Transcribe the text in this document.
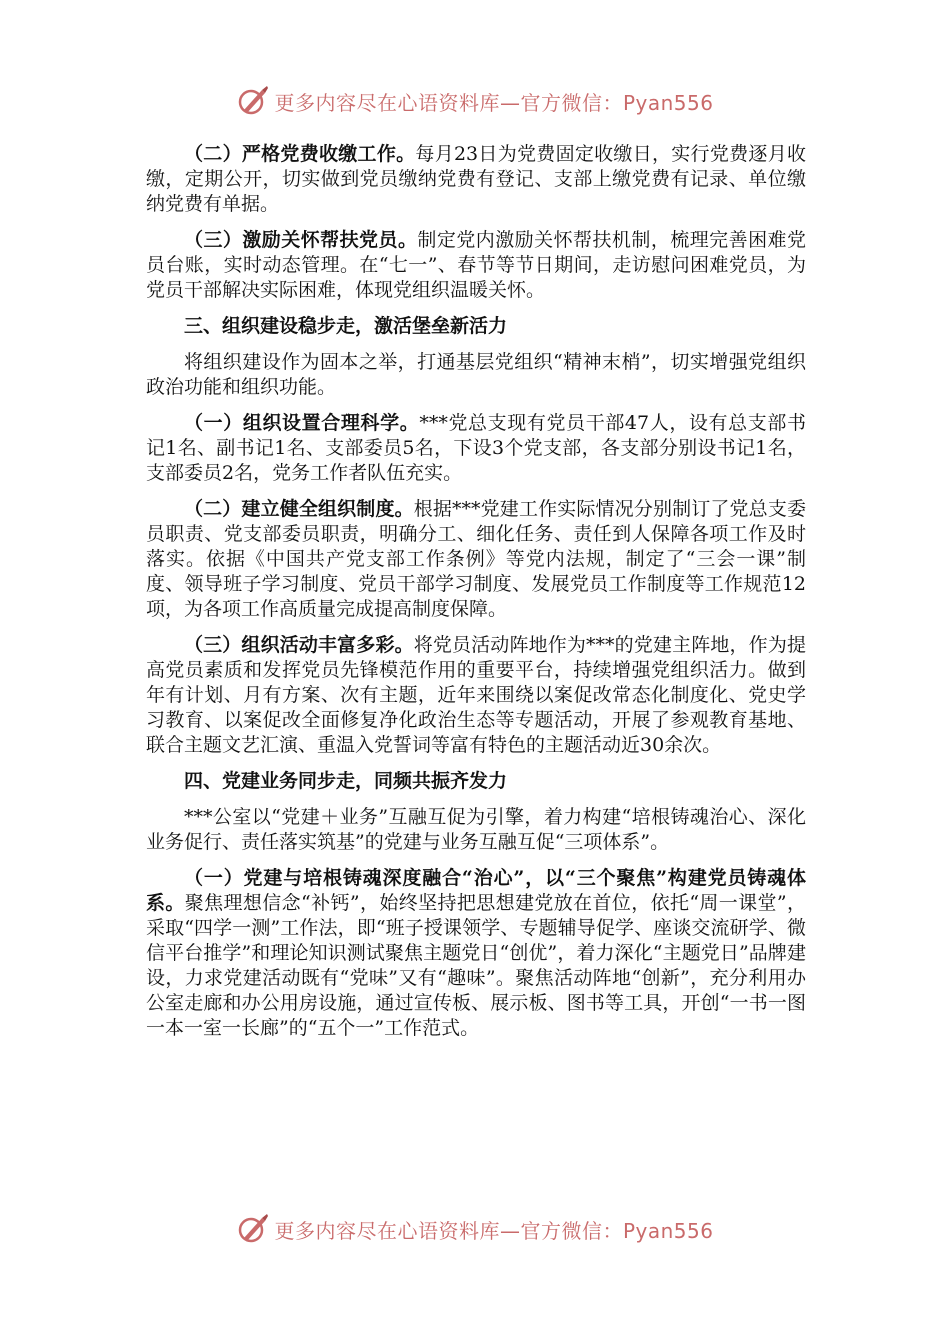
更多内容尽在心语资料库—官方微信：Pyan556

（二）严格党费收缴工作。每月23日为党费固定收缴日，实行党费逐月收缴，定期公开，切实做到党员缴纳党费有登记、支部上缴党费有记录、单位缴纳党费有单据。

（三）激励关怀帮扶党员。制定党内激励关怀帮扶机制，梳理完善困难党员台账，实时动态管理。在“七一”、春节等节日期间，走访慰问困难党员，为党员干部解决实际困难，体现党组织温暖关怀。

三、组织建设稳步走，激活堡垒新活力

将组织建设作为固本之举，打通基层党组织“精神末梢”，切实增强党组织政治功能和组织功能。

（一）组织设置合理科学。***党总支现有党员干部47人，设有总支部书记1名、副书记1名、支部委员5名，下设3个党支部，各支部分别设书记1名，支部委员2名，党务工作者队伍充实。

（二）建立健全组织制度。根据***党建工作实际情况分别制订了党总支委员职责、党支部委员职责，明确分工、细化任务、责任到人保障各项工作及时落实。依据《中国共产党支部工作条例》等党内法规，制定了“三会一课”制度、领导班子学习制度、党员干部学习制度、发展党员工作制度等工作规范12项，为各项工作高质量完成提高制度保障。

（三）组织活动丰富多彩。将党员活动阵地作为***的党建主阵地，作为提高党员素质和发挥党员先锋模范作用的重要平台，持续增强党组织活力。做到年有计划、月有方案、次有主题，近年来围绕以案促改常态化制度化、党史学习教育、以案促改全面修复净化政治生态等专题活动，开展了参观教育基地、联合主题文艺汇演、重温入党誓词等富有特色的主题活动近30余次。

四、党建业务同步走，同频共振齐发力

***公室以“党建＋业务”互融互促为引擎，着力构建“培根铸魂治心、深化业务促行、责任落实筑基”的党建与业务互融互促“三项体系”。

（一）党建与培根铸魂深度融合“治心”，以“三个聚焦”构建党员铸魂体系。聚焦理想信念“补钙”，始终坚持把思想建党放在首位，依托“周一课堂”，采取“四学一测”工作法，即“班子授课领学、专题辅导促学、座谈交流研学、微信平台推学”和理论知识测试聚焦主题党日“创优”，着力深化“主题党日”品牌建设，力求党建活动既有“党味”又有“趣味”。聚焦活动阵地“创新”，充分利用办公室走廊和办公用房设施，通过宣传板、展示板、图书等工具，开创“一书一图一本一室一长廊”的“五个一”工作范式。

更多内容尽在心语资料库—官方微信：Pyan556
